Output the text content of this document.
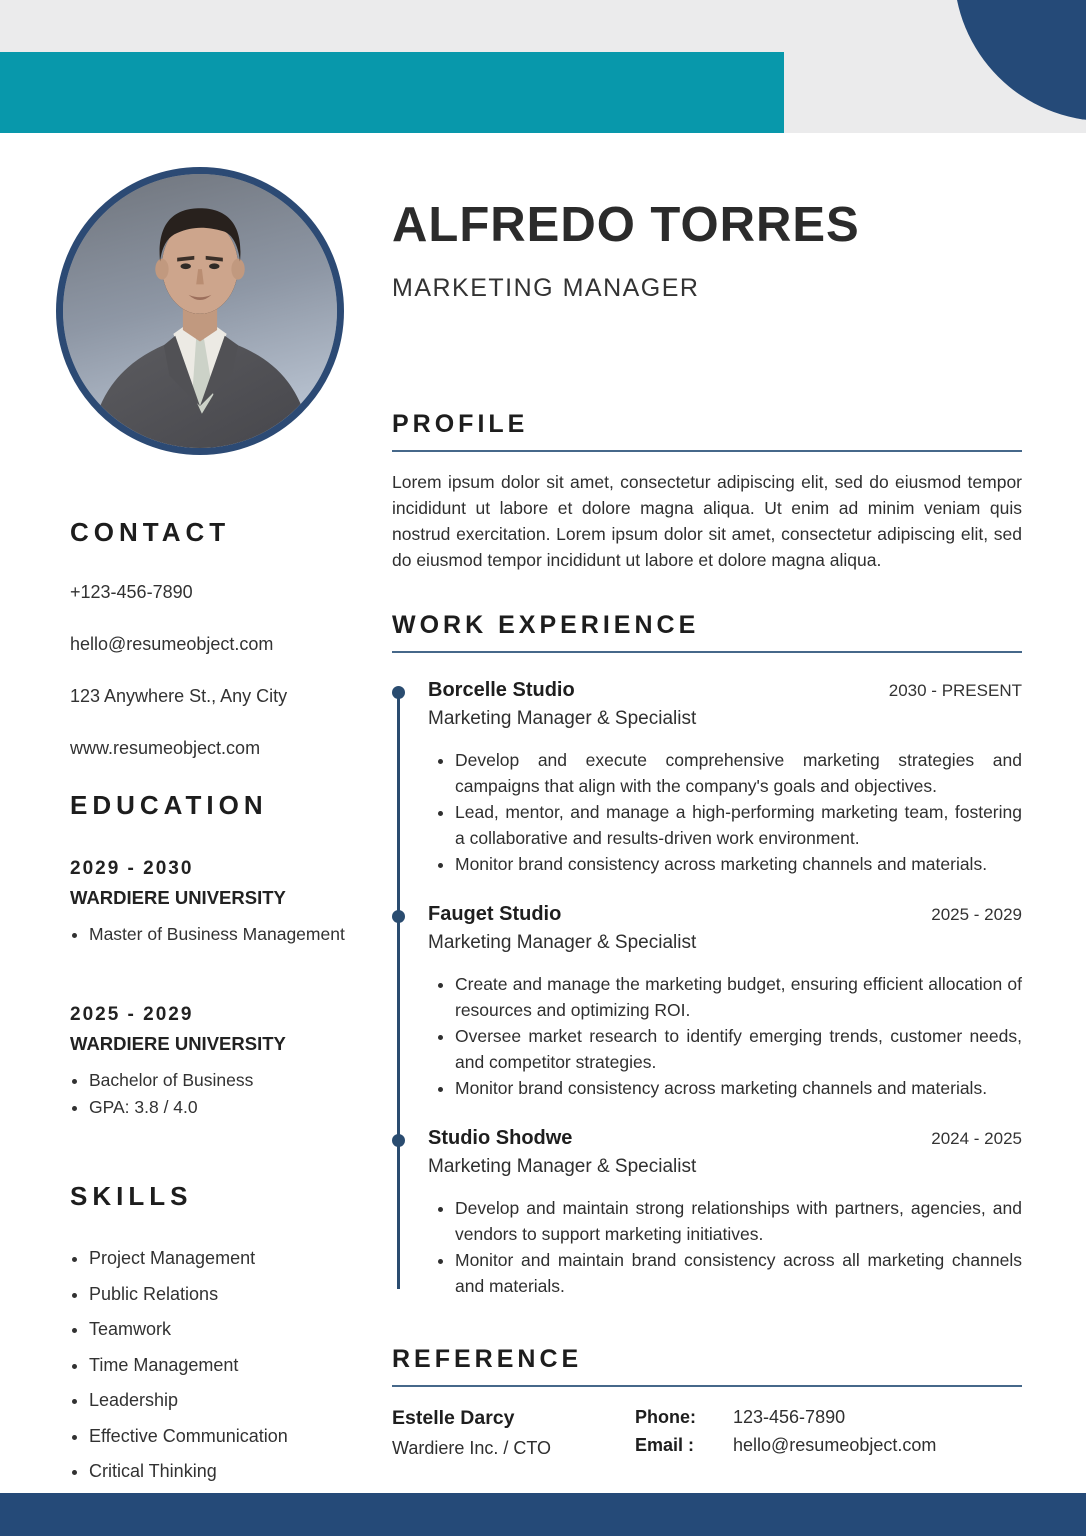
CONTACT
+123-456-7890
hello@resumeobject.com
123 Anywhere St., Any City
www.resumeobject.com
EDUCATION
2029 - 2030
WARDIERE UNIVERSITY
• Master of Business Management
2025 - 2029
WARDIERE UNIVERSITY
• Bachelor of Business
• GPA: 3.8 / 4.0
SKILLS
• Project Management
• Public Relations
• Teamwork
• Time Management
• Leadership
• Effective Communication
• Critical Thinking
ALFREDO TORRES
MARKETING MANAGER
PROFILE

Lorem ipsum dolor sit amet, consectetur adipiscing elit, sed do eiusmod tempor incididunt ut labore et dolore magna aliqua. Ut enim ad minim veniam quis nostrud exercitation. Lorem ipsum dolor sit amet, consectetur adipiscing elit, sed do eiusmod tempor incididunt ut labore et dolore magna aliqua.

WORK EXPERIENCE
Borcelle Studio	2030 - PRESENT
Marketing Manager & Specialist
• Develop and execute comprehensive marketing strategies and campaigns that align with the company's goals and objectives.
• Lead, mentor, and manage a high-performing marketing team, fostering a collaborative and results-driven work environment.
• Monitor brand consistency across marketing channels and materials.
Fauget Studio	2025 - 2029
Marketing Manager & Specialist
• Create and manage the marketing budget, ensuring efficient allocation of resources and optimizing ROI.
• Oversee market research to identify emerging trends, customer needs, and competitor strategies.
• Monitor brand consistency across marketing channels and materials.
Studio Shodwe	2024 - 2025
Marketing Manager & Specialist
• Develop and maintain strong relationships with partners, agencies, and vendors to support marketing initiatives.
• Monitor and maintain brand consistency across all marketing channels and materials.
REFERENCE
Estelle Darcy
Wardiere Inc. / CTO
Phone:	123-456-7890
Email :	hello@resumeobject.com
